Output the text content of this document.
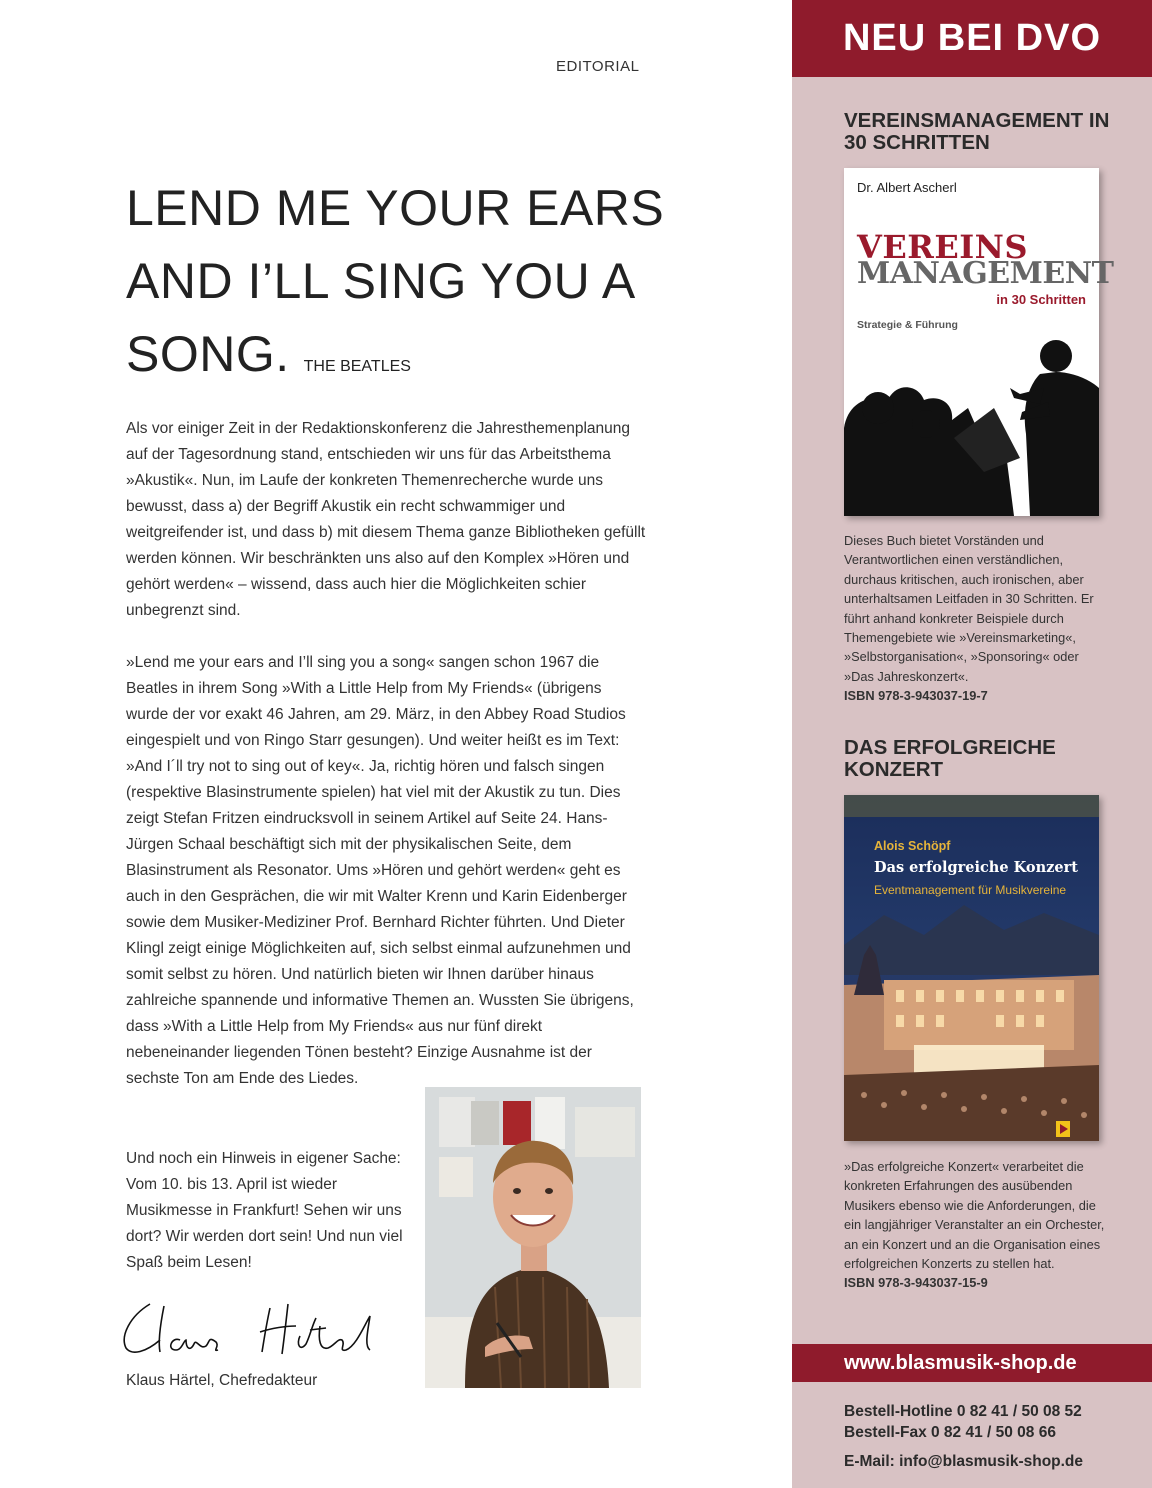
EDITORIAL
LEND ME YOUR EARS AND I’LL SING YOU A SONG. THE BEATLES

Als vor einiger Zeit in der Redaktionskonferenz die Jahresthemenplanung auf der Tagesordnung stand, entschieden wir uns für das Arbeitsthema »Akustik«. Nun, im Laufe der konkreten Themenrecherche wurde uns bewusst, dass a) der Begriff Akustik ein recht schwammiger und weitgreifender ist, und dass b) mit diesem Thema ganze Bibliotheken gefüllt werden können. Wir beschränkten uns also auf den Komplex »Hören und gehört werden« – wissend, dass auch hier die Möglichkeiten schier unbegrenzt sind.

»Lend me your ears and I’ll sing you a song« sangen schon 1967 die Beatles in ihrem Song »With a Little Help from My Friends« (übrigens wurde der vor exakt 46 Jahren, am 29. März, in den Abbey Road Studios eingespielt und von Ringo Starr gesungen). Und weiter heißt es im Text: »And I´ll try not to sing out of key«. Ja, richtig hören und falsch singen (respektive Blasinstrumente spielen) hat viel mit der Akustik zu tun. Dies zeigt Stefan Fritzen eindrucksvoll in seinem Artikel auf Seite 24. Hans-Jürgen Schaal beschäftigt sich mit der physikalischen Seite, dem Blasinstrument als Resonator. Ums »Hören und gehört werden« geht es auch in den Gesprächen, die wir mit Walter Krenn und Karin Eidenberger sowie dem Musiker-Mediziner Prof. Bernhard Richter führten. Und Dieter Klingl zeigt einige Möglichkeiten auf, sich selbst einmal aufzunehmen und somit selbst zu hören. Und natürlich bieten wir Ihnen darüber hinaus zahlreiche spannende und informative Themen an. Wussten Sie übrigens, dass »With a Little Help from My Friends« aus nur fünf direkt nebeneinander liegenden Tönen besteht? Einzige Ausnahme ist der sechste Ton am Ende des Liedes.

Und noch ein Hinweis in eigener Sache: Vom 10. bis 13. April ist wieder Musikmesse in Frankfurt! Sehen wir uns dort? Wir werden dort sein! Und nun viel Spaß beim Lesen!

Klaus Härtel, Chefredakteur
NEU BEI DVO
VEREINSMANAGEMENT IN 30 SCHRITTEN
Dr. Albert Ascherl
VEREINS
MANAGEMENT
in 30 Schritten
Strategie & Führung

Dieses Buch bietet Vorständen und Verantwortlichen einen verständlichen, durchaus kritischen, auch ironischen, aber unterhaltsamen Leitfaden in 30 Schritten. Er führt anhand konkreter Beispiele durch Themengebiete wie »Vereinsmarketing«, »Selbstorganisation«, »Sponsoring« oder »Das Jahreskonzert«.
ISBN 978-3-943037-19-7

DAS ERFOLGREICHE KONZERT
Alois Schöpf
Das erfolgreiche Konzert
Eventmanagement für Musikvereine

»Das erfolgreiche Konzert« verarbeitet die konkreten Erfahrungen des ausübenden Musikers ebenso wie die Anforderungen, die ein langjähriger Veranstalter an ein Orchester, an ein Konzert und an die Organisation eines erfolgreichen Konzerts zu stellen hat.
ISBN 978-3-943037-15-9

www.blasmusik-shop.de
Bestell-Hotline 0 82 41 / 50 08 52
Bestell-Fax 0 82 41 / 50 08 66
E-Mail: info@blasmusik-shop.de
